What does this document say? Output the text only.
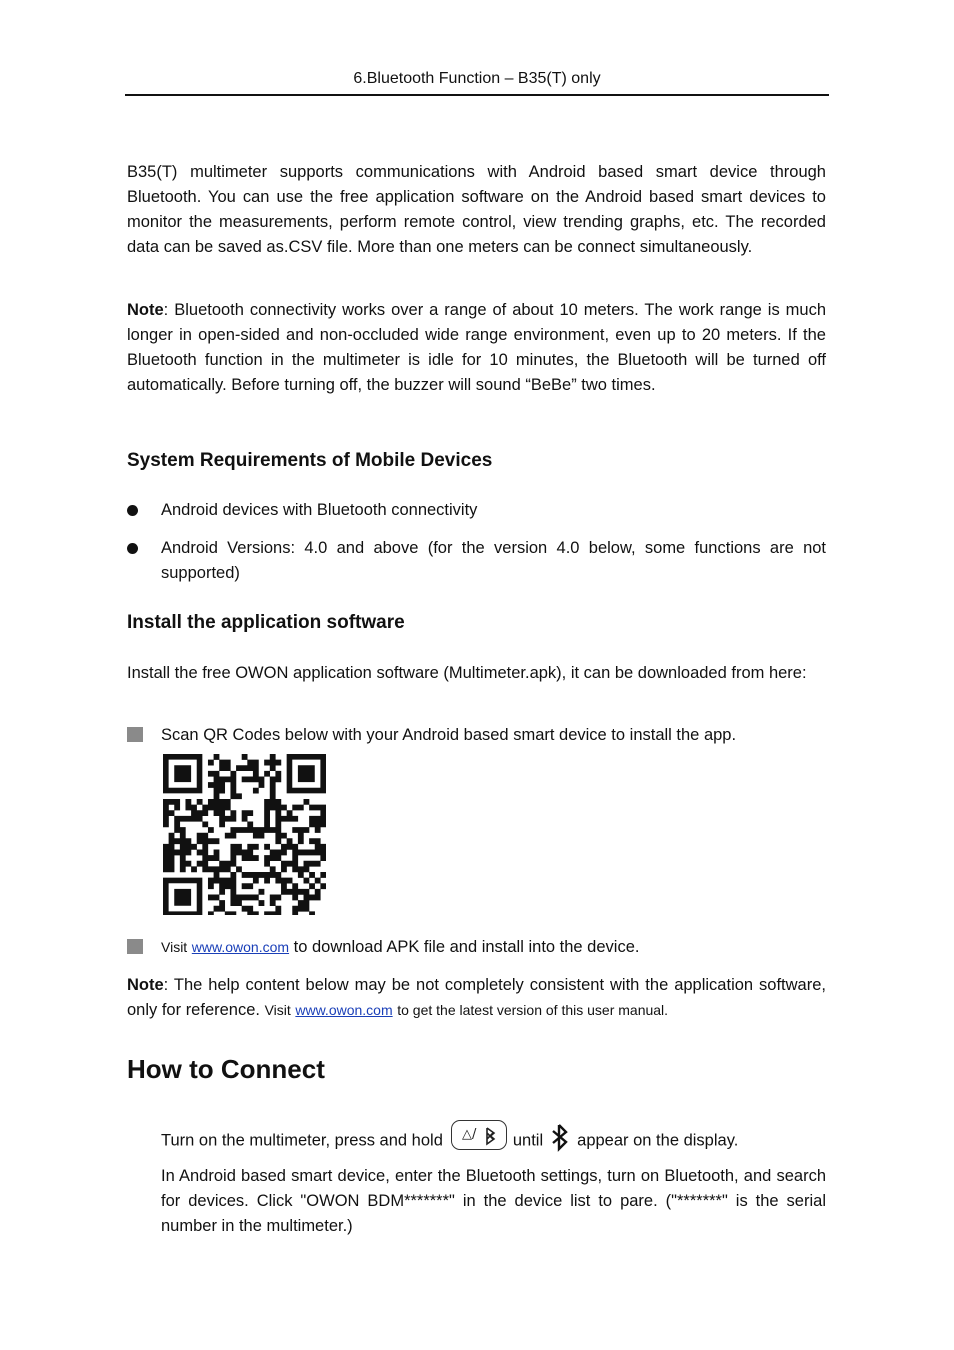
6.Bluetooth Function – B35(T) only
B35(T) multimeter supports communications with Android based smart device through Bluetooth. You can use the free application software on the Android based smart devices to monitor the measurements, perform remote control, view trending graphs, etc. The recorded data can be saved as.CSV file. More than one meters can be connect simultaneously.
Note: Bluetooth connectivity works over a range of about 10 meters. The work range is much longer in open-sided and non-occluded wide range environment, even up to 20 meters. If the Bluetooth function in the multimeter is idle for 10 minutes, the Bluetooth will be turned off automatically. Before turning off, the buzzer will sound “BeBe” two times.
System Requirements of Mobile Devices
Android devices with Bluetooth connectivity
Android Versions: 4.0 and above (for the version 4.0 below, some functions are not supported)
Install the application software
Install the free OWON application software (Multimeter.apk), it can be downloaded from here:
Scan QR Codes below with your Android based smart device to install the app.
Visit www.owon.com to download APK file and install into the device.
Note: The help content below may be not completely consistent with the application software, only for reference. Visit www.owon.com to get the latest version of this user manual.
How to Connect
Turn on the multimeter, press and hold △/ until appear on the display.
In Android based smart device, enter the Bluetooth settings, turn on Bluetooth, and search for devices. Click "OWON BDM*******" in the device list to pare. ("*******" is the serial number in the multimeter.)
